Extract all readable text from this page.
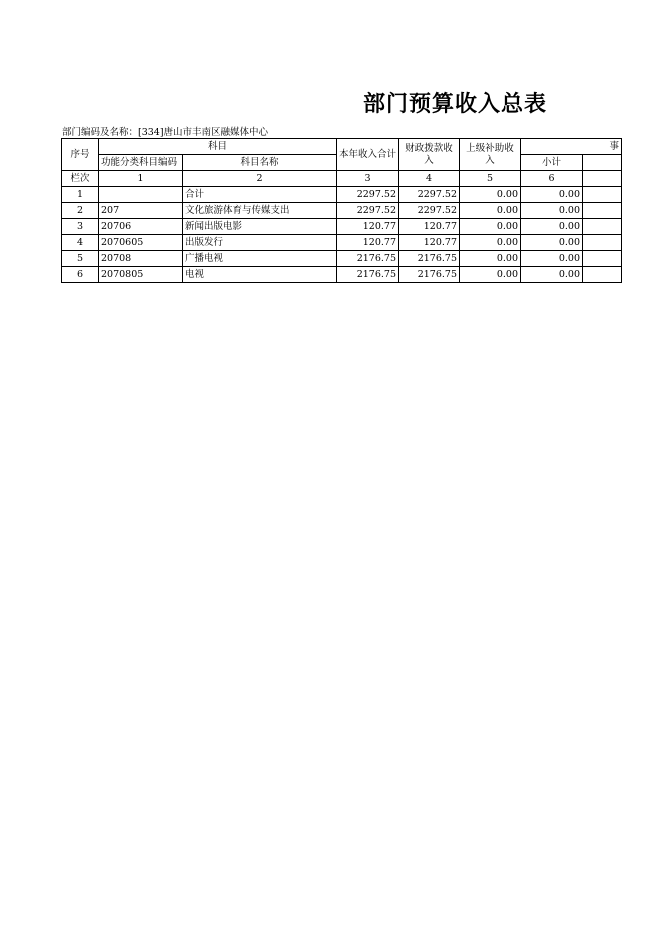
部门预算收入总表
部门编码及名称：[334]唐山市丰南区融媒体中心
序号	科目		本年收入合计	财政拨款收入	上级补助收入	事	
	功能分类科目编码	科目名称				小计	
栏次	1	2	3	4	5	6	
1		合计	2297.52	2297.52	0.00	0.00	
2	207	文化旅游体育与传媒支出	2297.52	2297.52	0.00	0.00	
3	20706	新闻出版电影	120.77	120.77	0.00	0.00	
4	2070605	出版发行	120.77	120.77	0.00	0.00	
5	20708	广播电视	2176.75	2176.75	0.00	0.00	
6	2070805	电视	2176.75	2176.75	0.00	0.00	
